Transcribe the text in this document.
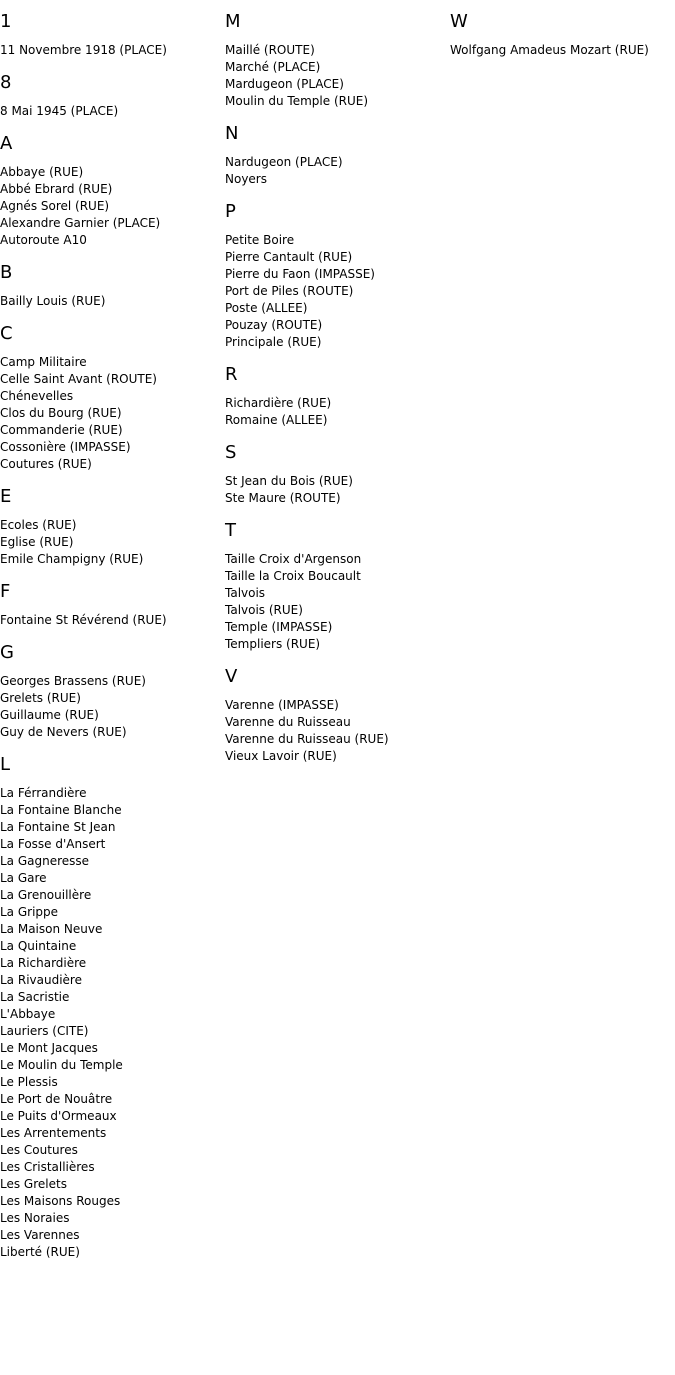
1
11 Novembre 1918 (PLACE)
8
8 Mai 1945 (PLACE)
A
Abbaye (RUE)
Abbé Ebrard (RUE)
Agnés Sorel (RUE)
Alexandre Garnier (PLACE)
Autoroute A10
B
Bailly Louis (RUE)
C
Camp Militaire
Celle Saint Avant (ROUTE)
Chénevelles
Clos du Bourg (RUE)
Commanderie (RUE)
Cossonière (IMPASSE)
Coutures (RUE)
E
Ecoles (RUE)
Eglise (RUE)
Emile Champigny (RUE)
F
Fontaine St Révérend (RUE)
G
Georges Brassens (RUE)
Grelets (RUE)
Guillaume (RUE)
Guy de Nevers (RUE)
L
La Férrandière
La Fontaine Blanche
La Fontaine St Jean
La Fosse d'Ansert
La Gagneresse
La Gare
La Grenouillère
La Grippe
La Maison Neuve
La Quintaine
La Richardière
La Rivaudière
La Sacristie
L'Abbaye
Lauriers (CITE)
Le Mont Jacques
Le Moulin du Temple
Le Plessis
Le Port de Nouâtre
Le Puits d'Ormeaux
Les Arrentements
Les Coutures
Les Cristallières
Les Grelets
Les Maisons Rouges
Les Noraies
Les Varennes
Liberté (RUE)
M
Maillé (ROUTE)
Marché (PLACE)
Mardugeon (PLACE)
Moulin du Temple (RUE)
N
Nardugeon (PLACE)
Noyers
P
Petite Boire
Pierre Cantault (RUE)
Pierre du Faon (IMPASSE)
Port de Piles (ROUTE)
Poste (ALLEE)
Pouzay (ROUTE)
Principale (RUE)
R
Richardière (RUE)
Romaine (ALLEE)
S
St Jean du Bois (RUE)
Ste Maure (ROUTE)
T
Taille Croix d'Argenson
Taille la Croix Boucault
Talvois
Talvois (RUE)
Temple (IMPASSE)
Templiers (RUE)
V
Varenne (IMPASSE)
Varenne du Ruisseau
Varenne du Ruisseau (RUE)
Vieux Lavoir (RUE)
W
Wolfgang Amadeus Mozart (RUE)
